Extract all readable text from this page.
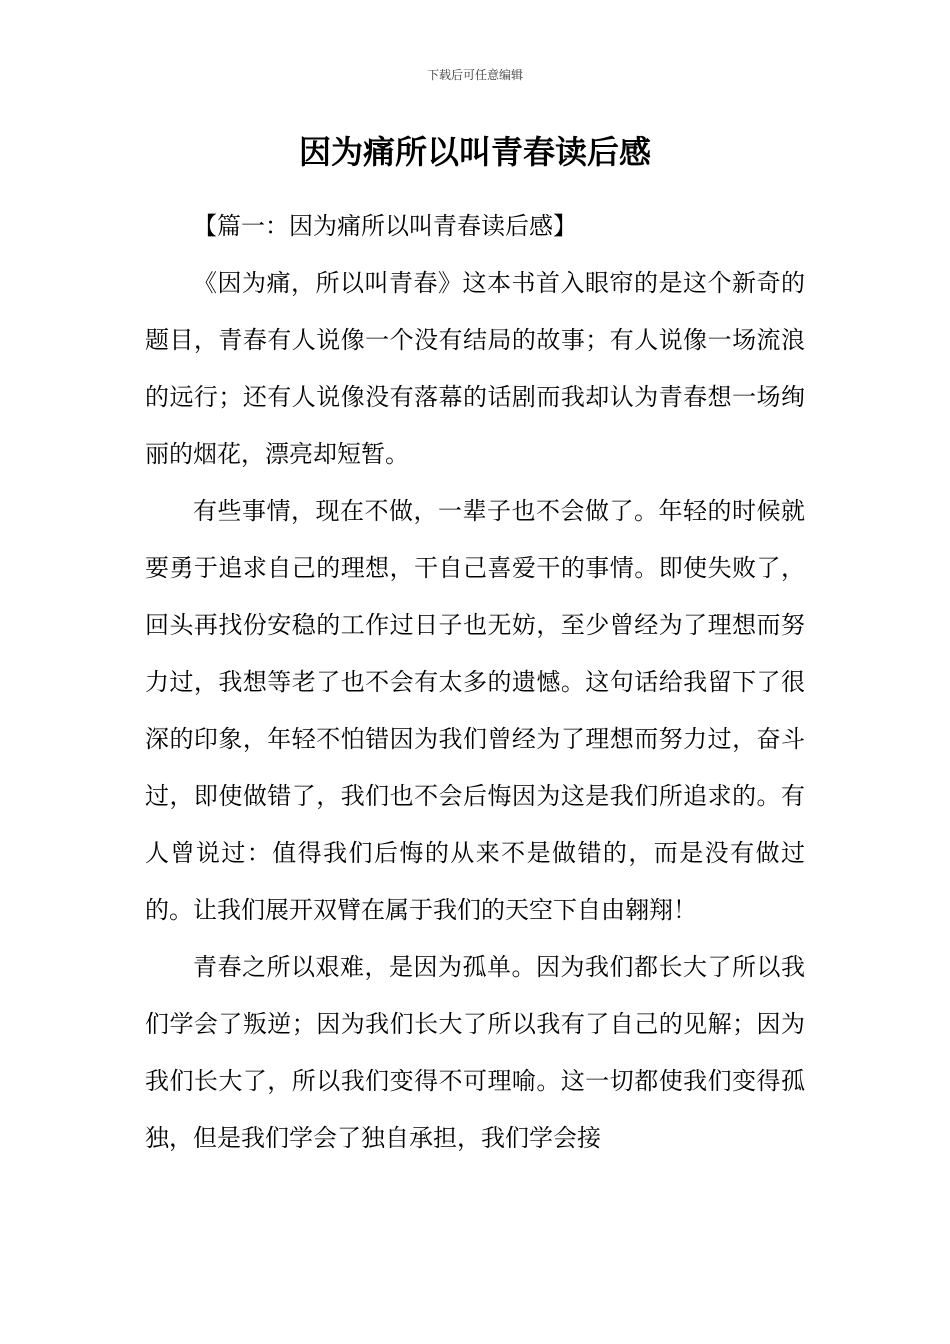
下载后可任意编辑
因为痛所以叫青春读后感

【篇一：因为痛所以叫青春读后感】

《因为痛，所以叫青春》这本书首入眼帘的是这个新奇的题目，青春有人说像一个没有结局的故事；有人说像一场流浪的远行；还有人说像没有落幕的话剧而我却认为青春想一场绚丽的烟花，漂亮却短暂。

有些事情，现在不做，一辈子也不会做了。年轻的时候就要勇于追求自己的理想，干自己喜爱干的事情。即使失败了，回头再找份安稳的工作过日子也无妨，至少曾经为了理想而努力过，我想等老了也不会有太多的遗憾。这句话给我留下了很深的印象，年轻不怕错因为我们曾经为了理想而努力过，奋斗过，即使做错了，我们也不会后悔因为这是我们所追求的。有人曾说过：值得我们后悔的从来不是做错的，而是没有做过的。让我们展开双臂在属于我们的天空下自由翱翔！

青春之所以艰难，是因为孤单。因为我们都长大了所以我们学会了叛逆；因为我们长大了所以我有了自己的见解；因为我们长大了，所以我们变得不可理喻。这一切都使我们变得孤独，但是我们学会了独自承担，我们学会接
